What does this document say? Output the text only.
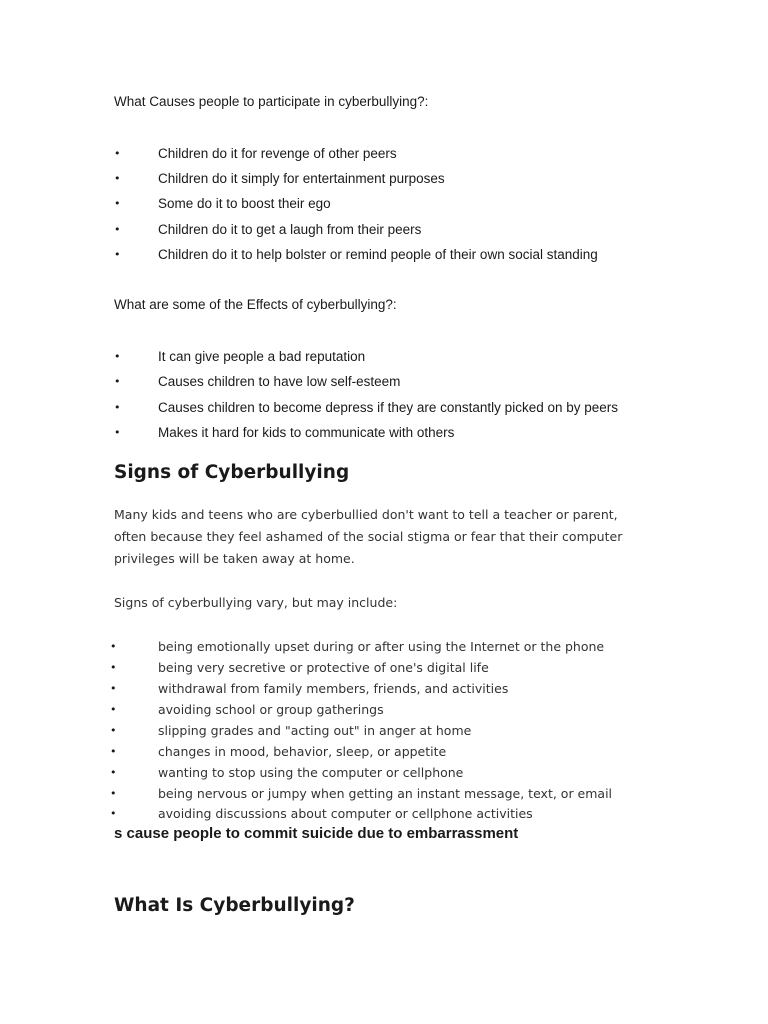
What Causes people to participate in cyberbullying?:
•	Children do it for revenge of other peers
•	Children do it simply for entertainment purposes
•	Some do it to boost their ego
•	Children do it to get a laugh from their peers
•	Children do it to help bolster or remind people of their own social standing
What are some of the Effects of cyberbullying?:
•	It can give people a bad reputation
•	Causes children to have low self-esteem
•	Causes children to become depress if they are constantly picked on by peers
•	Makes it hard for kids to communicate with others
Signs of Cyberbullying

Many kids and teens who are cyberbullied don't want to tell a teacher or parent, often because they feel ashamed of the social stigma or fear that their computer privileges will be taken away at home.

Signs of cyberbullying vary, but may include:
•	being emotionally upset during or after using the Internet or the phone
•	being very secretive or protective of one's digital life
•	withdrawal from family members, friends, and activities
•	avoiding school or group gatherings
•	slipping grades and "acting out" in anger at home
•	changes in mood, behavior, sleep, or appetite
•	wanting to stop using the computer or cellphone
•	being nervous or jumpy when getting an instant message, text, or email
•	avoiding discussions about computer or cellphone activities
s cause people to commit suicide due to embarrassment
What Is Cyberbullying?
